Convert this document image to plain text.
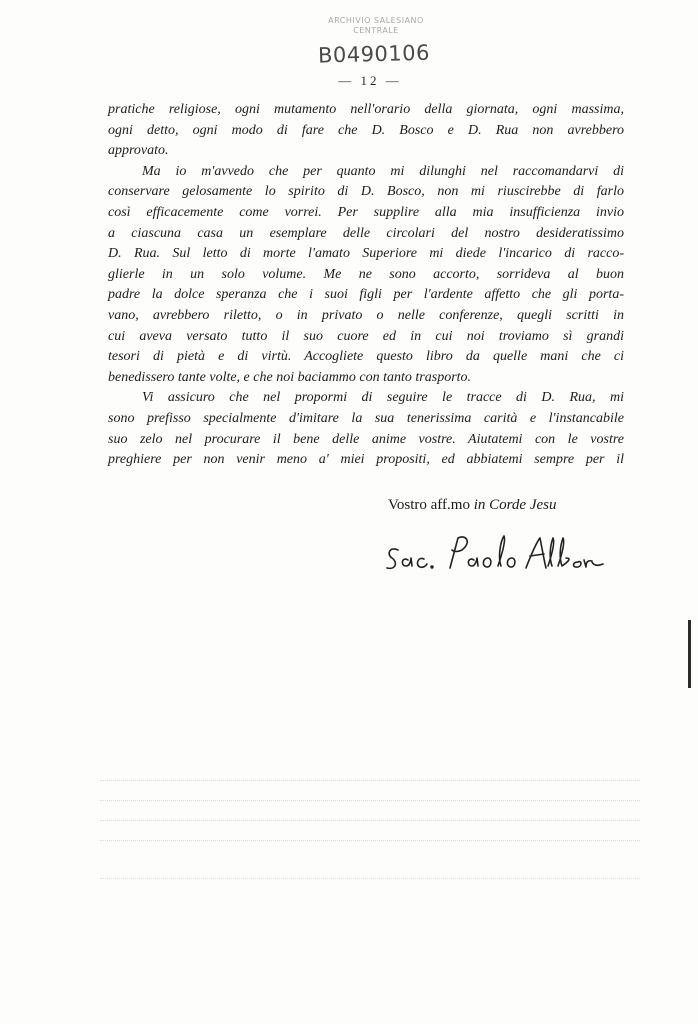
ARCHIVIO SALESIANO
CENTRALE
B0490106
— 12 —

pratiche religiose, ogni mutamento nell'orario della giornata, ogni massima,

ogni detto, ogni modo di fare che D. Bosco e D. Rua non avrebbero

approvato.

Ma io m'avvedo che per quanto mi dilunghi nel raccomandarvi di

conservare gelosamente lo spirito di D. Bosco, non mi riuscirebbe di farlo

così efficacemente come vorrei. Per supplire alla mia insufficienza invio

a ciascuna casa un esemplare delle circolari del nostro desideratissimo

D. Rua. Sul letto di morte l'amato Superiore mi diede l'incarico di racco-

glierle in un solo volume. Me ne sono accorto, sorrideva al buon

padre la dolce speranza che i suoi figli per l'ardente affetto che gli porta-

vano, avrebbero riletto, o in privato o nelle conferenze, quegli scritti in

cui aveva versato tutto il suo cuore ed in cui noi troviamo sì grandi

tesori di pietà e di virtù. Accogliete questo libro da quelle mani che ci

benedissero tante volte, e che noi baciammo con tanto trasporto.

Vi assicuro che nel propormi di seguire le tracce di D. Rua, mi

sono prefisso specialmente d'imitare la sua tenerissima carità e l'instancabile

suo zelo nel procurare il bene delle anime vostre. Aiutatemi con le vostre

preghiere per non venir meno a' miei propositi, ed abbiatemi sempre per il

Vostro aff.mo in Corde Jesu
